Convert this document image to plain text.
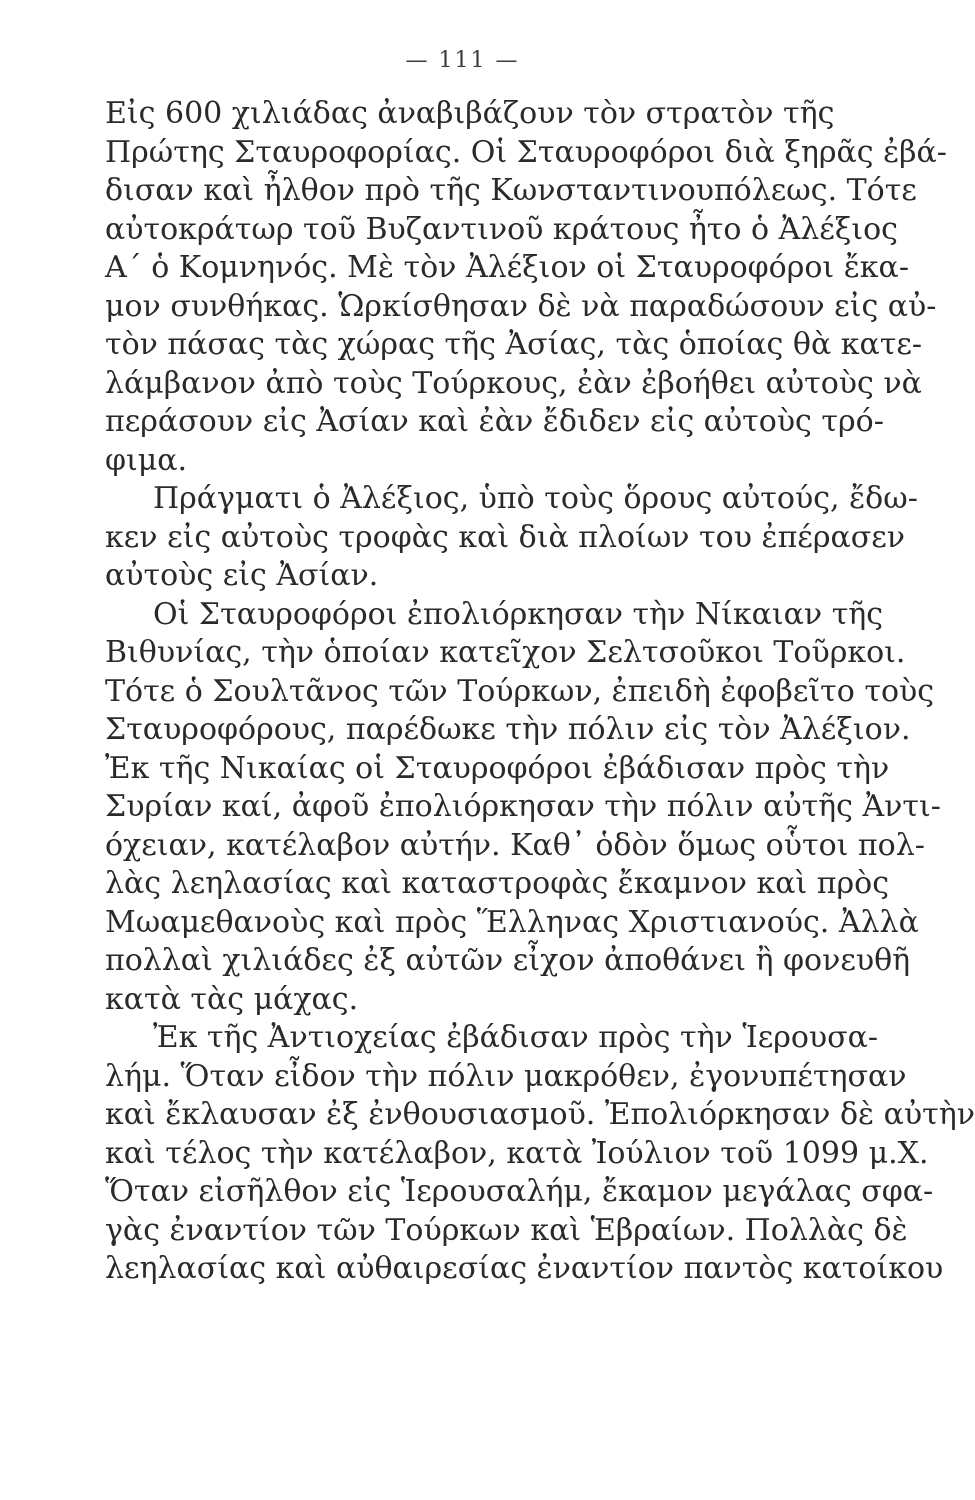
— 111 —
Εἰς 600 χιλιάδας ἀναβιβάζουν τὸν στρατὸν τῆς
Πρώτης Σταυροφορίας. Οἱ Σταυροφόροι διὰ ξηρᾶς ἐβά-
δισαν καὶ ἦλθον πρὸ τῆς Κωνσταντινουπόλεως. Τότε
αὐτοκράτωρ τοῦ Βυζαντινοῦ κράτους ἦτο ὁ Ἀλέξιος
Α΄ ὁ Κομνηνός. Μὲ τὸν Ἀλέξιον οἱ Σταυροφόροι ἔκα-
μον συνθήκας. Ὡρκίσθησαν δὲ νὰ παραδώσουν εἰς αὐ-
τὸν πάσας τὰς χώρας τῆς Ἀσίας, τὰς ὁποίας θὰ κατε-
λάμβανον ἀπὸ τοὺς Τούρκους, ἐὰν ἐβοήθει αὐτοὺς νὰ
περάσουν εἰς Ἀσίαν καὶ ἐὰν ἔδιδεν εἰς αὐτοὺς τρό-
φιμα.
Πράγματι ὁ Ἀλέξιος, ὑπὸ τοὺς ὅρους αὐτούς, ἔδω-
κεν εἰς αὐτοὺς τροφὰς καὶ διὰ πλοίων του ἐπέρασεν
αὐτοὺς εἰς Ἀσίαν.
Οἱ Σταυροφόροι ἐπολιόρκησαν τὴν Νίκαιαν τῆς
Βιθυνίας, τὴν ὁποίαν κατεῖχον Σελτσοῦκοι Τοῦρκοι.
Τότε ὁ Σουλτᾶνος τῶν Τούρκων, ἐπειδὴ ἐφοβεῖτο τοὺς
Σταυροφόρους, παρέδωκε τὴν πόλιν εἰς τὸν Ἀλέξιον.
Ἐκ τῆς Νικαίας οἱ Σταυροφόροι ἐβάδισαν πρὸς τὴν
Συρίαν καί, ἀφοῦ ἐπολιόρκησαν τὴν πόλιν αὐτῆς Ἀντι-
όχειαν, κατέλαβον αὐτήν. Καθ᾽ ὁδὸν ὅμως οὗτοι πολ-
λὰς λεηλασίας καὶ καταστροφὰς ἔκαμνον καὶ πρὸς
Μωαμεθανοὺς καὶ πρὸς Ἕλληνας Χριστιανούς. Ἀλλὰ
πολλαὶ χιλιάδες ἐξ αὐτῶν εἶχον ἀποθάνει ἢ φονευθῆ
κατὰ τὰς μάχας.
Ἐκ τῆς Ἀντιοχείας ἐβάδισαν πρὸς τὴν Ἱερουσα-
λήμ. Ὅταν εἶδον τὴν πόλιν μακρόθεν, ἐγονυπέτησαν
καὶ ἔκλαυσαν ἐξ ἐνθουσιασμοῦ. Ἐπολιόρκησαν δὲ αὐτὴν
καὶ τέλος τὴν κατέλαβον, κατὰ Ἰούλιον τοῦ 1099 μ.Χ.
Ὅταν εἰσῆλθον εἰς Ἱερουσαλήμ, ἔκαμον μεγάλας σφα-
γὰς ἐναντίον τῶν Τούρκων καὶ Ἑβραίων. Πολλὰς δὲ
λεηλασίας καὶ αὐθαιρεσίας ἐναντίον παντὸς κατοίκου
